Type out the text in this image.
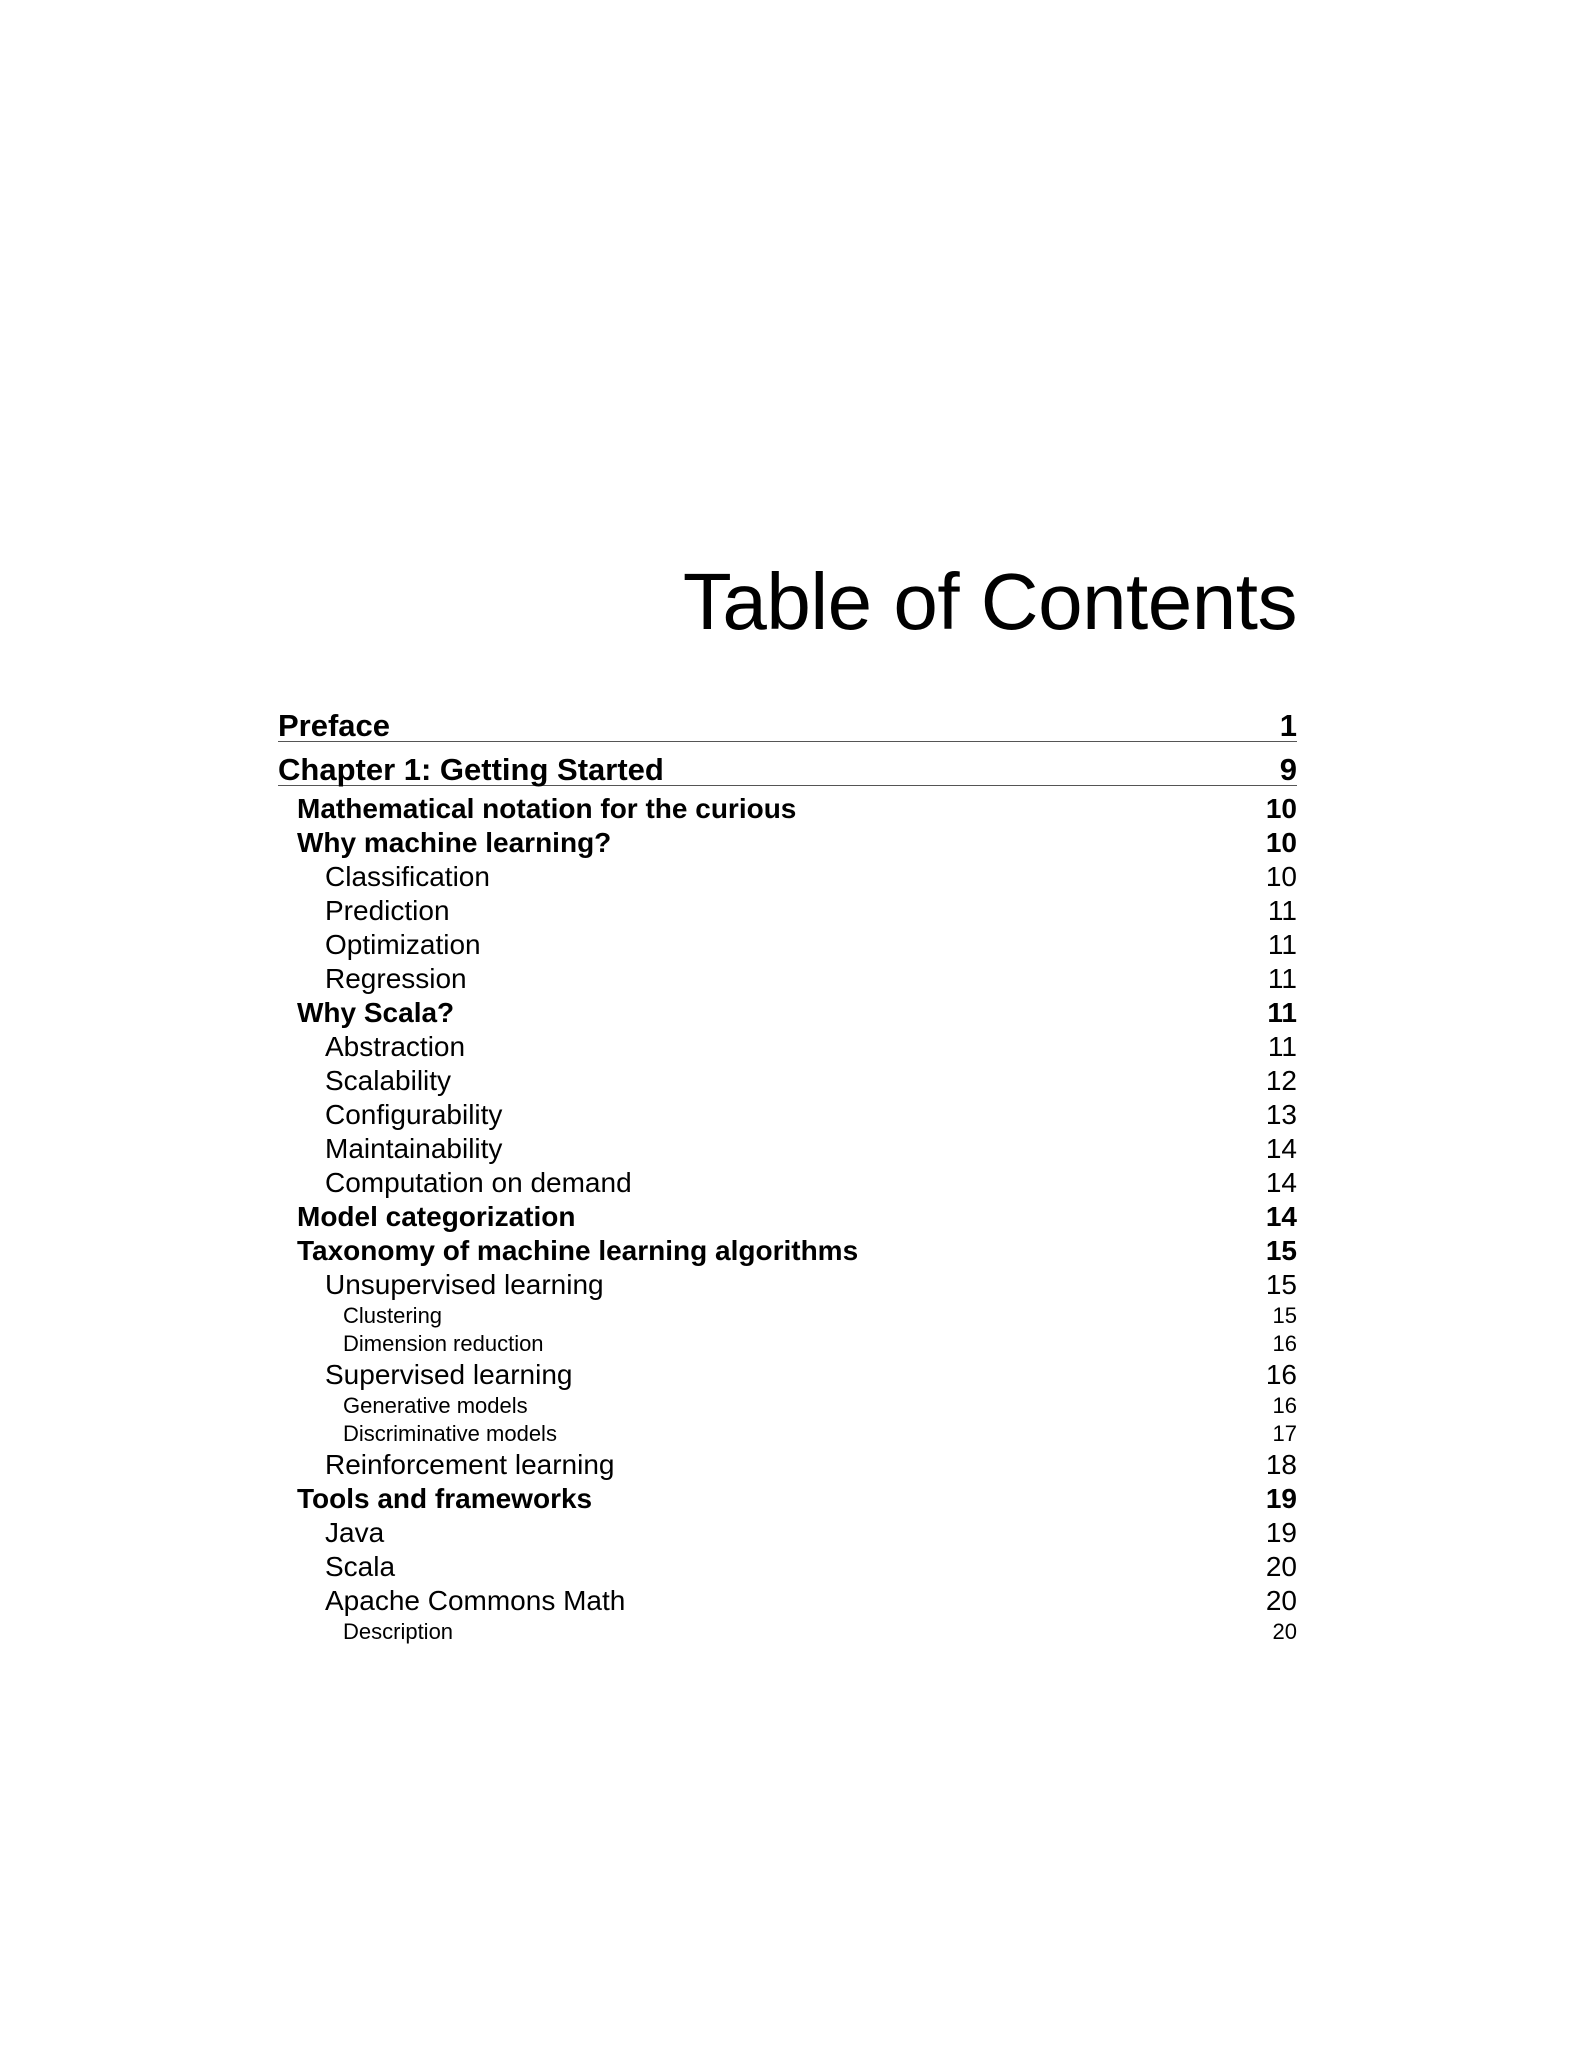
Table of Contents
Preface	1
Chapter 1: Getting Started	9
Mathematical notation for the curious	10
Why machine learning?	10
Classification	10
Prediction	11
Optimization	11
Regression	11
Why Scala?	11
Abstraction	11
Scalability	12
Configurability	13
Maintainability	14
Computation on demand	14
Model categorization	14
Taxonomy of machine learning algorithms	15
Unsupervised learning	15
Clustering	15
Dimension reduction	16
Supervised learning	16
Generative models	16
Discriminative models	17
Reinforcement learning	18
Tools and frameworks	19
Java	19
Scala	20
Apache Commons Math	20
Description	20
